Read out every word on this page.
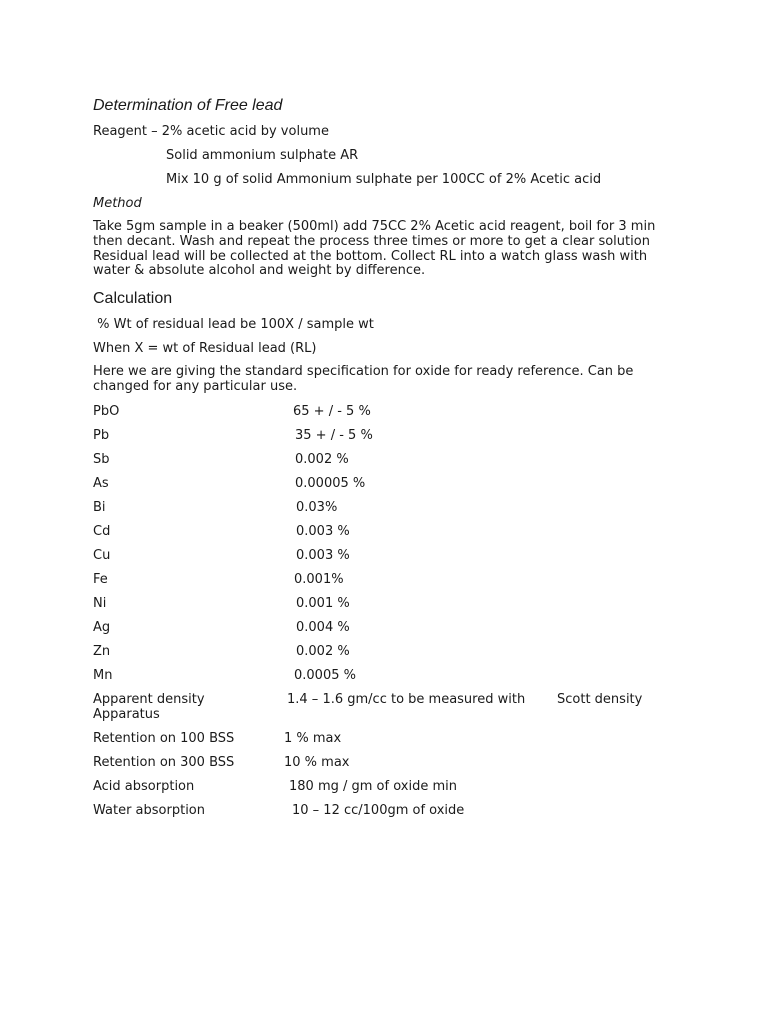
Determination of Free lead
Reagent – 2% acetic acid by volume
Solid ammonium sulphate AR
Mix 10 g of solid Ammonium sulphate per 100CC of 2% Acetic acid
Method
Take 5gm sample in a beaker (500ml) add 75CC 2% Acetic acid reagent, boil for 3 min then decant. Wash and repeat the process three times or more to get a clear solution Residual lead will be collected at the bottom. Collect RL into a watch glass wash with water & absolute alcohol and weight by difference.
Calculation
% Wt of residual lead be 100X / sample wt
When X = wt of Residual lead (RL)
Here we are giving the standard specification for oxide for ready reference. Can be changed for any particular use.
PbO	65 + / - 5 %
Pb	35 + / - 5 %
Sb	0.002 %
As	0.00005 %
Bi	0.03%
Cd	0.003 %
Cu	0.003 %
Fe	0.001%
Ni	0.001 %
Ag	0.004 %
Zn	0.002 %
Mn	0.0005 %
Apparent density	1.4 – 1.6 gm/cc to be measured with Scott density
Apparatus
Retention on 100 BSS	1 % max
Retention on 300 BSS	10 % max
Acid absorption	180 mg / gm of oxide min
Water absorption	10 – 12 cc/100gm of oxide
